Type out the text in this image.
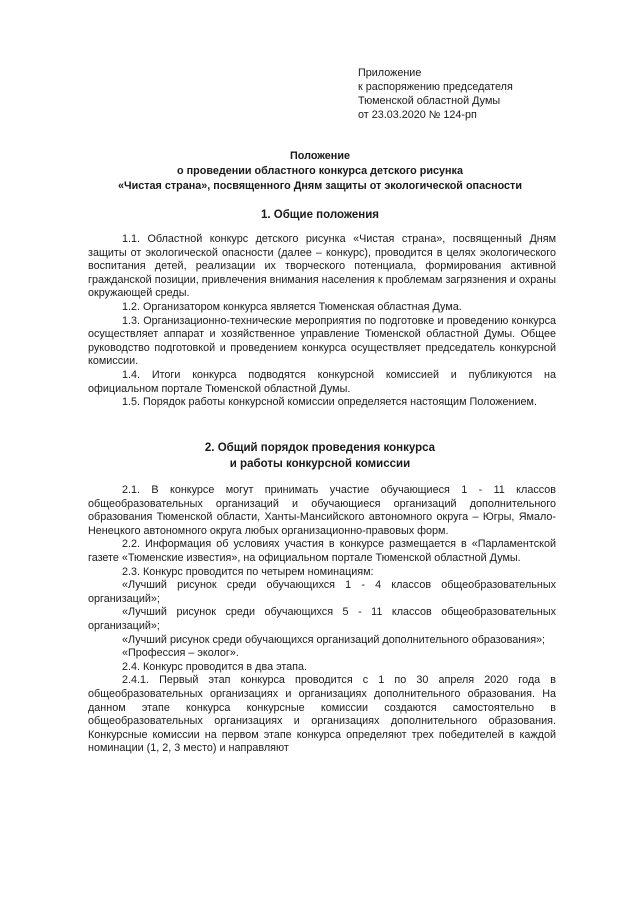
Приложение
к распоряжению председателя
Тюменской областной Думы
от 23.03.2020 № 124-рп
Положение
о проведении областного конкурса детского рисунка
«Чистая страна», посвященного Дням защиты от экологической опасности
1. Общие положения

1.1. Областной конкурс детского рисунка «Чистая страна», посвященный Дням защиты от экологической опасности (далее – конкурс), проводится в целях экологического воспитания детей, реализации их творческого потенциала, формирования активной гражданской позиции, привлечения внимания населения к проблемам загрязнения и охраны окружающей среды.

1.2. Организатором конкурса является Тюменская областная Дума.

1.3. Организационно-технические мероприятия по подготовке и проведению конкурса осуществляет аппарат и хозяйственное управление Тюменской областной Думы. Общее руководство подготовкой и проведением конкурса осуществляет председатель конкурсной комиссии.

1.4. Итоги конкурса подводятся конкурсной комиссией и публикуются на официальном портале Тюменской областной Думы.

1.5. Порядок работы конкурсной комиссии определяется настоящим Положением.

2. Общий порядок проведения конкурса
и работы конкурсной комиссии

2.1. В конкурсе могут принимать участие обучающиеся 1 - 11 классов общеобразовательных организаций и обучающиеся организаций дополнительного образования Тюменской области, Ханты-Мансийского автономного округа – Югры, Ямало-Ненецкого автономного округа любых организационно-правовых форм.

2.2. Информация об условиях участия в конкурсе размещается в «Парламентской газете «Тюменские известия», на официальном портале Тюменской областной Думы.

2.3. Конкурс проводится по четырем номинациям:

«Лучший рисунок среди обучающихся 1 - 4 классов общеобразовательных организаций»;

«Лучший рисунок среди обучающихся 5 - 11 классов общеобразовательных организаций»;

«Лучший рисунок среди обучающихся организаций дополнительного образования»;

«Профессия – эколог».

2.4. Конкурс проводится в два этапа.

2.4.1. Первый этап конкурса проводится с 1 по 30 апреля 2020 года в общеобразовательных организациях и организациях дополнительного образования. На данном этапе конкурса конкурсные комиссии создаются самостоятельно в общеобразовательных организациях и организациях дополнительного образования. Конкурсные комиссии на первом этапе конкурса определяют трех победителей в каждой номинации (1, 2, 3 место) и направляют
